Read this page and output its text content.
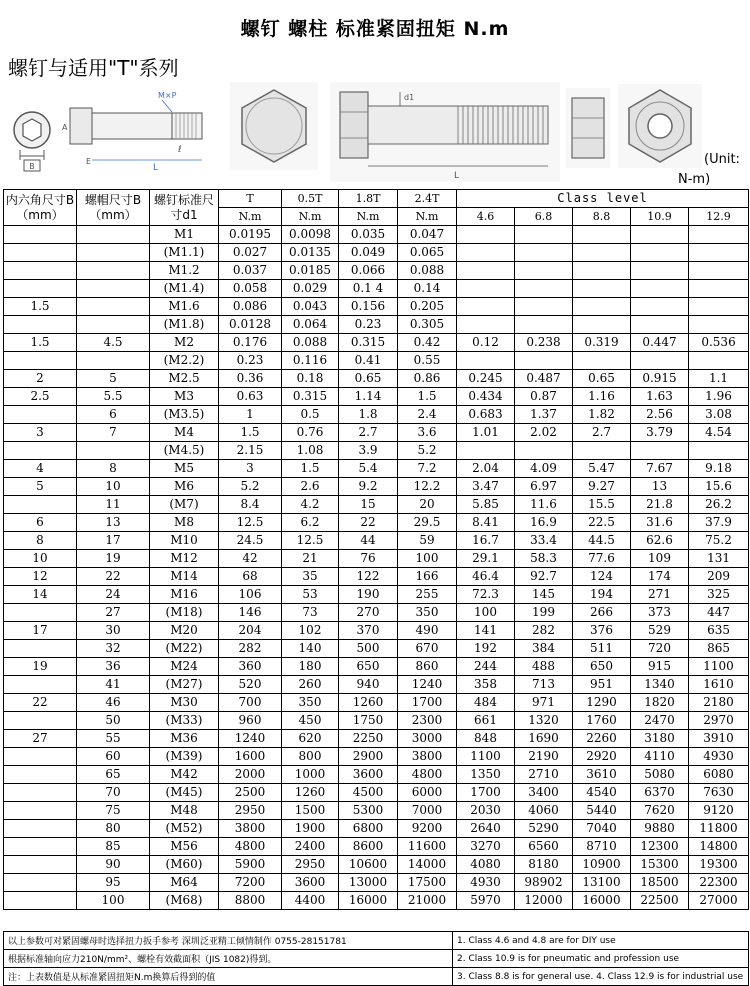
螺钉 螺柱 标准紧固扭矩 N.m
螺钉与适用"T"系列
B
M×P
A
E
ℓ
L
d1
L
(Unit:
N-m)
内六角尺寸B（mm）	螺帽尺寸B（mm）	螺钉标准尺寸d1	T	0.5T	1.8T	2.4T	Class level				
			N.m	N.m	N.m	N.m	4.6	6.8	8.8	10.9	12.9
		M1	0.0195	0.0098	0.035	0.047					
		(M1.1)	0.027	0.0135	0.049	0.065					
		M1.2	0.037	0.0185	0.066	0.088					
		(M1.4)	0.058	0.029	0.1 4	0.14					
1.5		M1.6	0.086	0.043	0.156	0.205					
		(M1.8)	0.0128	0.064	0.23	0.305					
1.5	4.5	M2	0.176	0.088	0.315	0.42	0.12	0.238	0.319	0.447	0.536
		(M2.2)	0.23	0.116	0.41	0.55					
2	5	M2.5	0.36	0.18	0.65	0.86	0.245	0.487	0.65	0.915	1.1
2.5	5.5	M3	0.63	0.315	1.14	1.5	0.434	0.87	1.16	1.63	1.96
	6	(M3.5)	1	0.5	1.8	2.4	0.683	1.37	1.82	2.56	3.08
3	7	M4	1.5	0.76	2.7	3.6	1.01	2.02	2.7	3.79	4.54
		(M4.5)	2.15	1.08	3.9	5.2					
4	8	M5	3	1.5	5.4	7.2	2.04	4.09	5.47	7.67	9.18
5	10	M6	5.2	2.6	9.2	12.2	3.47	6.97	9.27	13	15.6
	11	(M7)	8.4	4.2	15	20	5.85	11.6	15.5	21.8	26.2
6	13	M8	12.5	6.2	22	29.5	8.41	16.9	22.5	31.6	37.9
8	17	M10	24.5	12.5	44	59	16.7	33.4	44.5	62.6	75.2
10	19	M12	42	21	76	100	29.1	58.3	77.6	109	131
12	22	M14	68	35	122	166	46.4	92.7	124	174	209
14	24	M16	106	53	190	255	72.3	145	194	271	325
	27	(M18)	146	73	270	350	100	199	266	373	447
17	30	M20	204	102	370	490	141	282	376	529	635
	32	(M22)	282	140	500	670	192	384	511	720	865
19	36	M24	360	180	650	860	244	488	650	915	1100
	41	(M27)	520	260	940	1240	358	713	951	1340	1610
22	46	M30	700	350	1260	1700	484	971	1290	1820	2180
	50	(M33)	960	450	1750	2300	661	1320	1760	2470	2970
27	55	M36	1240	620	2250	3000	848	1690	2260	3180	3910
	60	(M39)	1600	800	2900	3800	1100	2190	2920	4110	4930
	65	M42	2000	1000	3600	4800	1350	2710	3610	5080	6080
	70	(M45)	2500	1260	4500	6000	1700	3400	4540	6370	7630
	75	M48	2950	1500	5300	7000	2030	4060	5440	7620	9120
	80	(M52)	3800	1900	6800	9200	2640	5290	7040	9880	11800
	85	M56	4800	2400	8600	11600	3270	6560	8710	12300	14800
	90	(M60)	5900	2950	10600	14000	4080	8180	10900	15300	19300
	95	M64	7200	3600	13000	17500	4930	98902	13100	18500	22300
	100	(M68)	8800	4400	16000	21000	5970	12000	16000	22500	27000
以上参数可对紧固螺母时选择扭力扳手参考 深圳泛亚精工倾情制作 0755-28151781	1. Class 4.6 and 4.8 are for DIY use
根据标准轴向应力210N/mm²、螺栓有效截面积（JIS 1082)得到。	2. Class 10.9 is for pneumatic and profession use
注：上表数值是从标准紧固扭矩N.m换算后得到的值	3. Class 8.8 is for general use. 4. Class 12.9 is for industrial use
